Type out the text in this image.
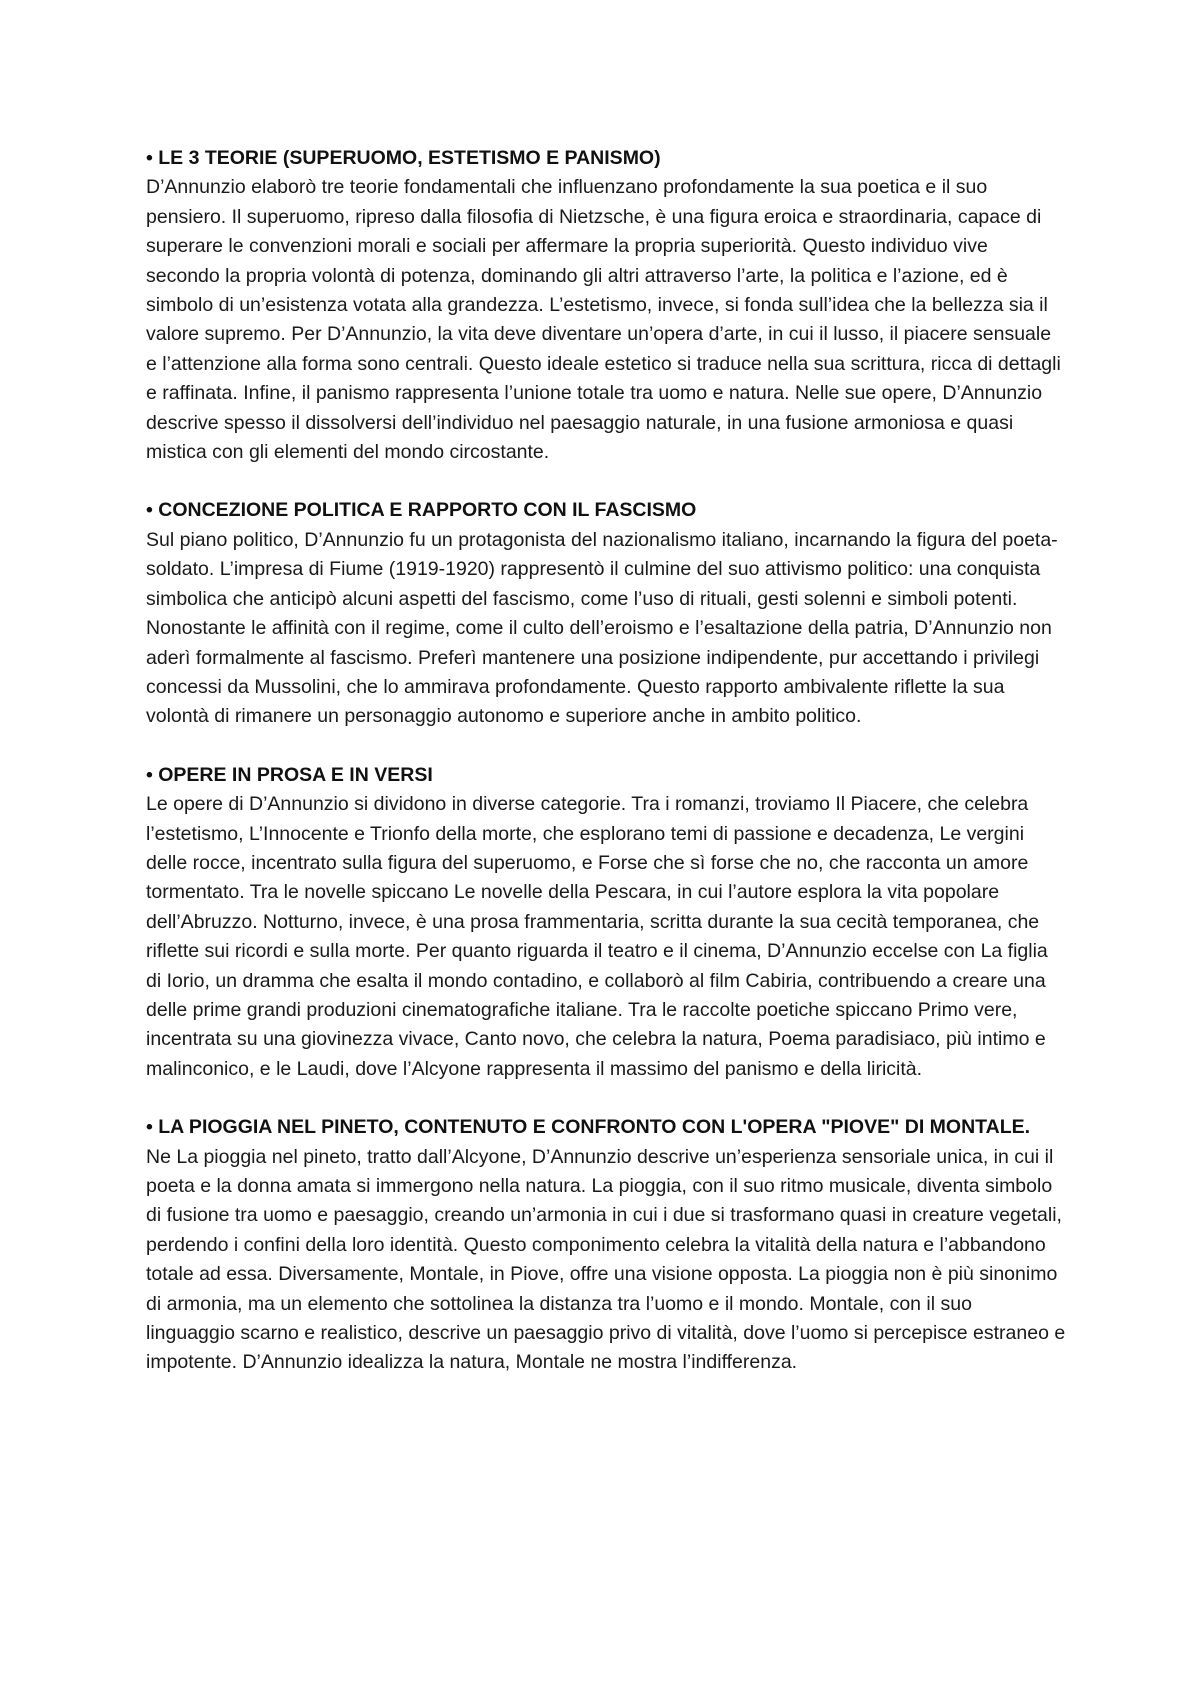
• LE 3 TEORIE (SUPERUOMO, ESTETISMO E PANISMO)

D’Annunzio elaborò tre teorie fondamentali che influenzano profondamente la sua poetica e il suo pensiero. Il superuomo, ripreso dalla filosofia di Nietzsche, è una figura eroica e straordinaria, capace di superare le convenzioni morali e sociali per affermare la propria superiorità. Questo individuo vive secondo la propria volontà di potenza, dominando gli altri attraverso l’arte, la politica e l’azione, ed è simbolo di un’esistenza votata alla grandezza. L’estetismo, invece, si fonda sull’idea che la bellezza sia il valore supremo. Per D’Annunzio, la vita deve diventare un’opera d’arte, in cui il lusso, il piacere sensuale e l’attenzione alla forma sono centrali. Questo ideale estetico si traduce nella sua scrittura, ricca di dettagli e raffinata. Infine, il panismo rappresenta l’unione totale tra uomo e natura. Nelle sue opere, D’Annunzio descrive spesso il dissolversi dell’individuo nel paesaggio naturale, in una fusione armoniosa e quasi mistica con gli elementi del mondo circostante.

• CONCEZIONE POLITICA E RAPPORTO CON IL FASCISMO

Sul piano politico, D’Annunzio fu un protagonista del nazionalismo italiano, incarnando la figura del poeta-soldato. L’impresa di Fiume (1919-1920) rappresentò il culmine del suo attivismo politico: una conquista simbolica che anticipò alcuni aspetti del fascismo, come l’uso di rituali, gesti solenni e simboli potenti. Nonostante le affinità con il regime, come il culto dell’eroismo e l’esaltazione della patria, D’Annunzio non aderì formalmente al fascismo. Preferì mantenere una posizione indipendente, pur accettando i privilegi concessi da Mussolini, che lo ammirava profondamente. Questo rapporto ambivalente riflette la sua volontà di rimanere un personaggio autonomo e superiore anche in ambito politico.

• OPERE IN PROSA E IN VERSI

Le opere di D’Annunzio si dividono in diverse categorie. Tra i romanzi, troviamo Il Piacere, che celebra l’estetismo, L’Innocente e Trionfo della morte, che esplorano temi di passione e decadenza, Le vergini delle rocce, incentrato sulla figura del superuomo, e Forse che sì forse che no, che racconta un amore tormentato. Tra le novelle spiccano Le novelle della Pescara, in cui l’autore esplora la vita popolare dell’Abruzzo. Notturno, invece, è una prosa frammentaria, scritta durante la sua cecità temporanea, che riflette sui ricordi e sulla morte. Per quanto riguarda il teatro e il cinema, D’Annunzio eccelse con La figlia di Iorio, un dramma che esalta il mondo contadino, e collaborò al film Cabiria, contribuendo a creare una delle prime grandi produzioni cinematografiche italiane. Tra le raccolte poetiche spiccano Primo vere, incentrata su una giovinezza vivace, Canto novo, che celebra la natura, Poema paradisiaco, più intimo e malinconico, e le Laudi, dove l’Alcyone rappresenta il massimo del panismo e della liricità.

• LA PIOGGIA NEL PINETO, CONTENUTO E CONFRONTO CON L'OPERA "PIOVE" DI MONTALE.

Ne La pioggia nel pineto, tratto dall’Alcyone, D’Annunzio descrive un’esperienza sensoriale unica, in cui il poeta e la donna amata si immergono nella natura. La pioggia, con il suo ritmo musicale, diventa simbolo di fusione tra uomo e paesaggio, creando un’armonia in cui i due si trasformano quasi in creature vegetali, perdendo i confini della loro identità. Questo componimento celebra la vitalità della natura e l’abbandono totale ad essa. Diversamente, Montale, in Piove, offre una visione opposta. La pioggia non è più sinonimo di armonia, ma un elemento che sottolinea la distanza tra l’uomo e il mondo. Montale, con il suo linguaggio scarno e realistico, descrive un paesaggio privo di vitalità, dove l’uomo si percepisce estraneo e impotente. D’Annunzio idealizza la natura, Montale ne mostra l’indifferenza.
